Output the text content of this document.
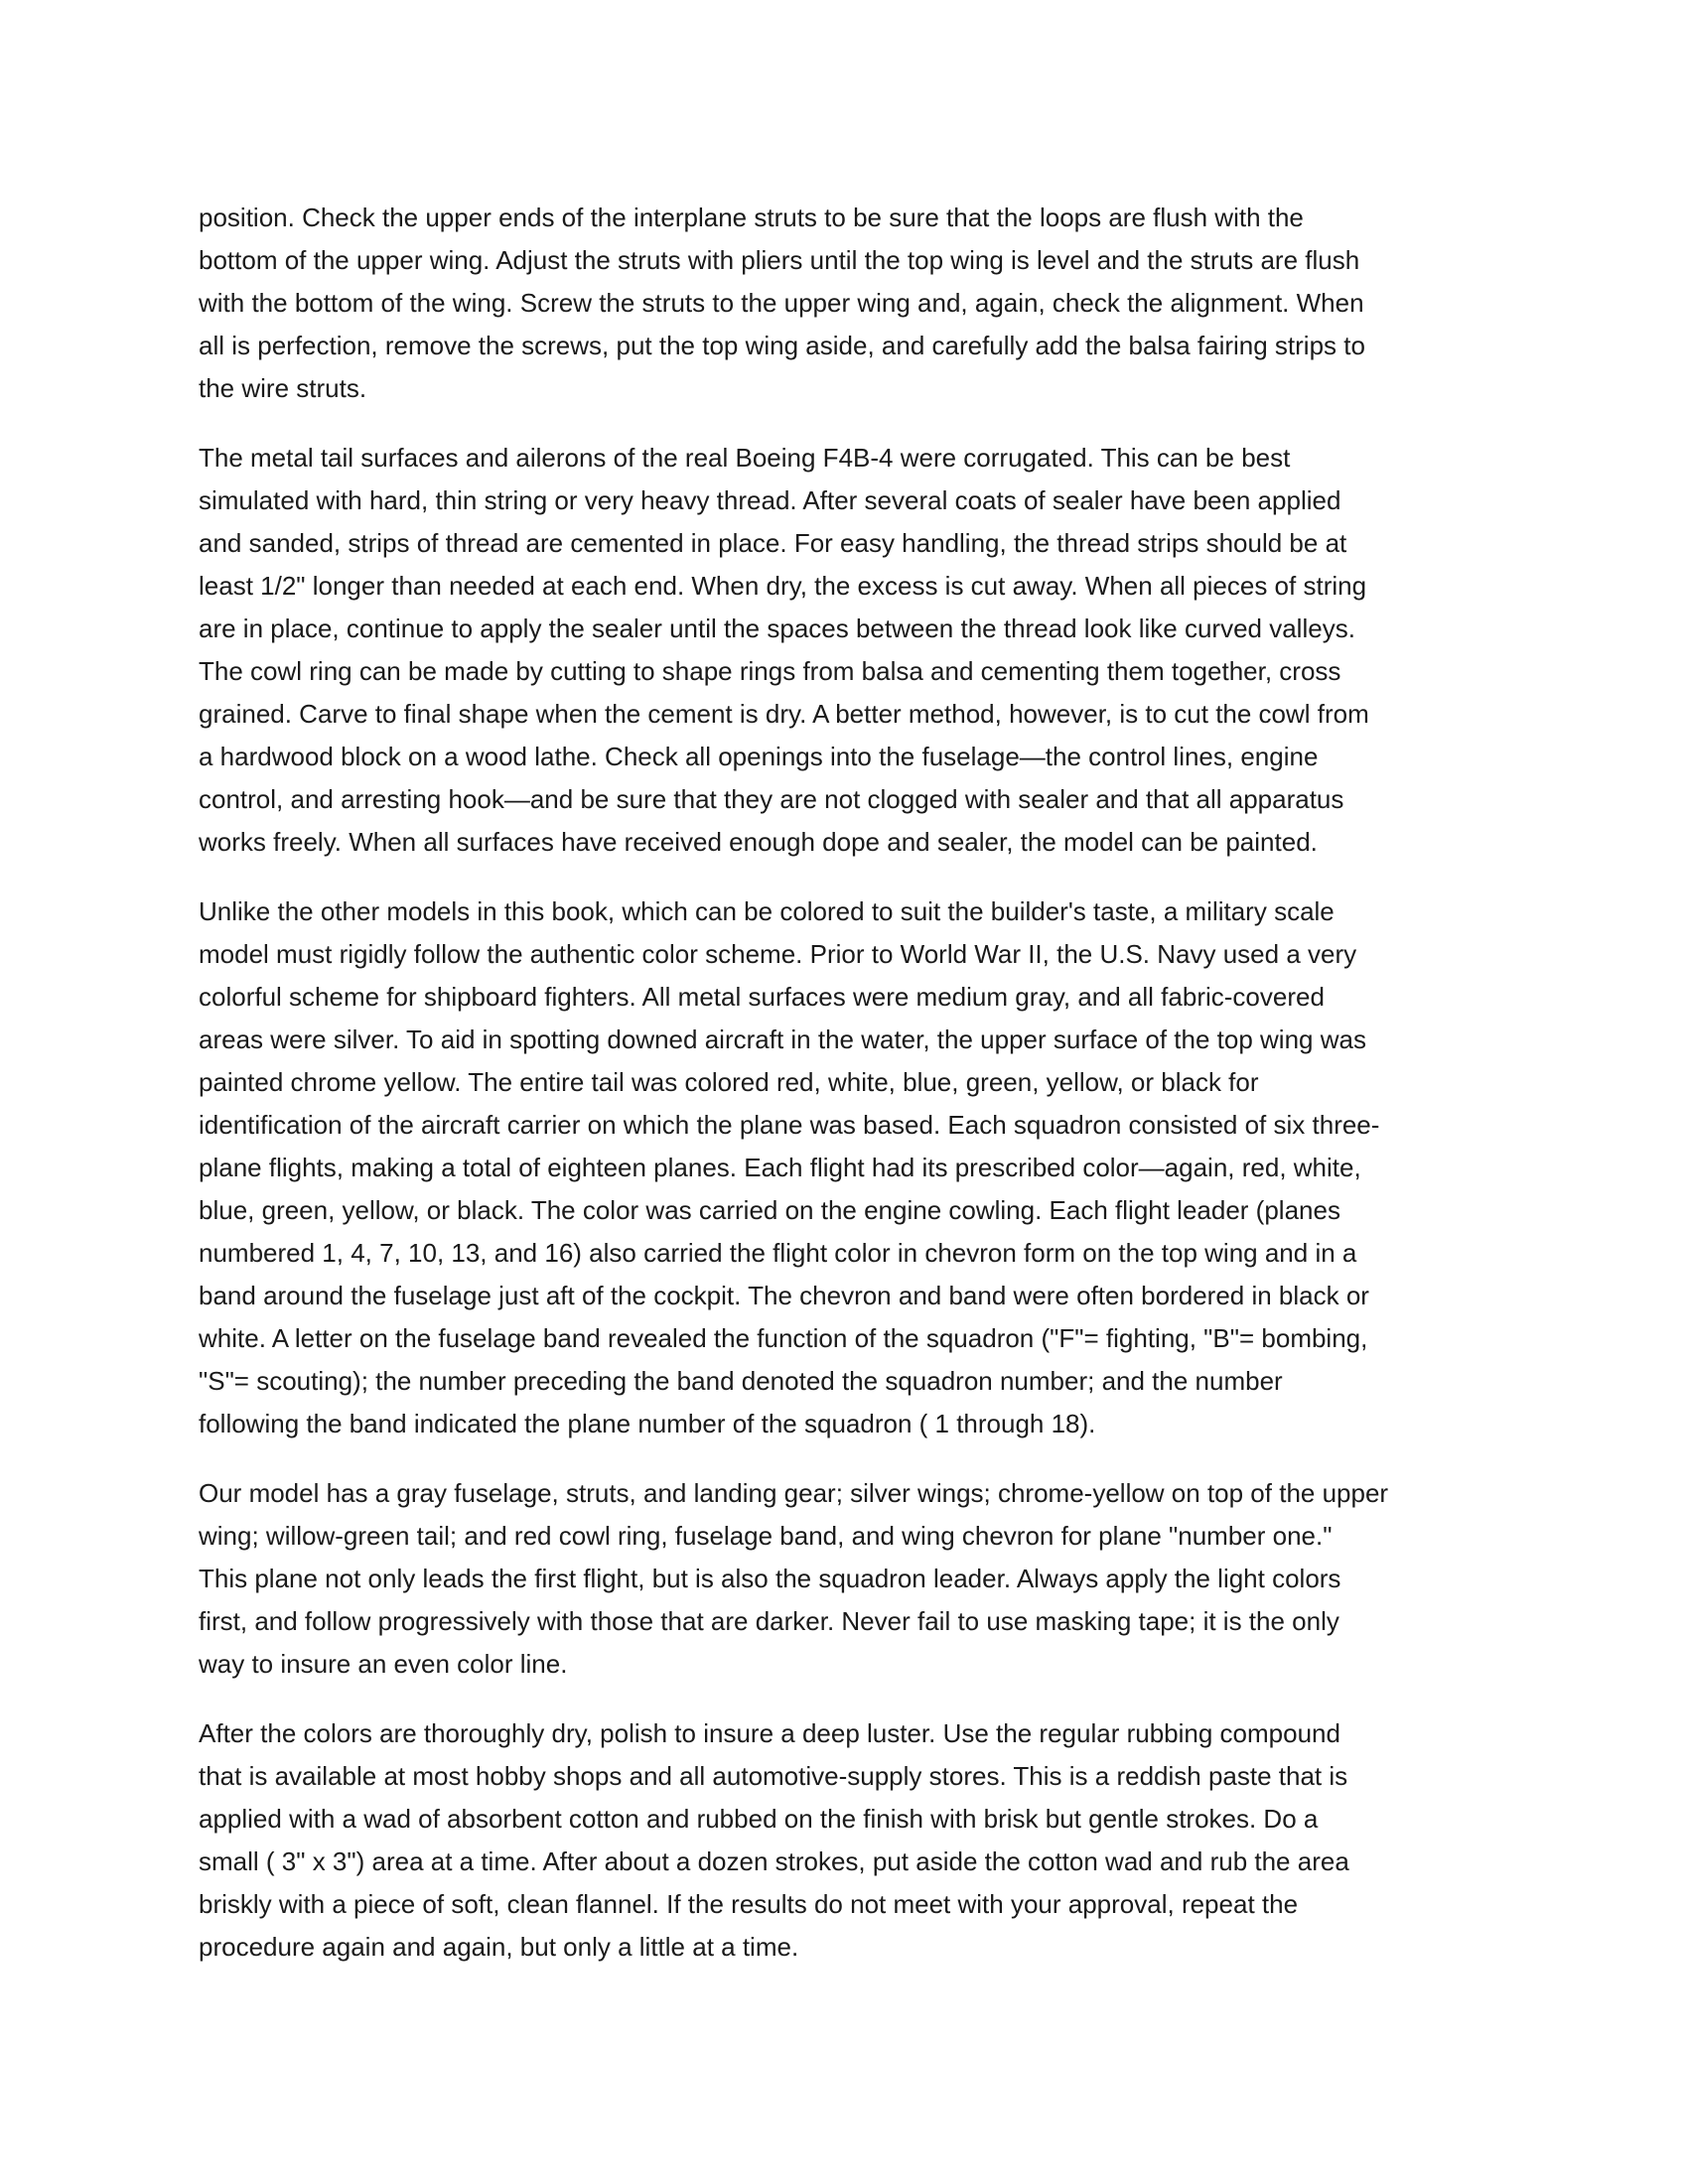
position. Check the upper ends of the interplane struts to be sure that the loops are flush with the
bottom of the upper wing. Adjust the struts with pliers until the top wing is level and the struts are flush
with the bottom of the wing. Screw the struts to the upper wing and, again, check the alignment. When
all is perfection, remove the screws, put the top wing aside, and carefully add the balsa fairing strips to
the wire struts.

The metal tail surfaces and ailerons of the real Boeing F4B-4 were corrugated. This can be best
simulated with hard, thin string or very heavy thread. After several coats of sealer have been applied
and sanded, strips of thread are cemented in place. For easy handling, the thread strips should be at
least 1/2" longer than needed at each end. When dry, the excess is cut away. When all pieces of string
are in place, continue to apply the sealer until the spaces between the thread look like curved valleys.
The cowl ring can be made by cutting to shape rings from balsa and cementing them together, cross
grained. Carve to final shape when the cement is dry. A better method, however, is to cut the cowl from
a hardwood block on a wood lathe. Check all openings into the fuselage—the control lines, engine
control, and arresting hook—and be sure that they are not clogged with sealer and that all apparatus
works freely. When all surfaces have received enough dope and sealer, the model can be painted.

Unlike the other models in this book, which can be colored to suit the builder's taste, a military scale
model must rigidly follow the authentic color scheme. Prior to World War II, the U.S. Navy used a very
colorful scheme for shipboard fighters. All metal surfaces were medium gray, and all fabric-covered
areas were silver. To aid in spotting downed aircraft in the water, the upper surface of the top wing was
painted chrome yellow. The entire tail was colored red, white, blue, green, yellow, or black for
identification of the aircraft carrier on which the plane was based. Each squadron consisted of six three-
plane flights, making a total of eighteen planes. Each flight had its prescribed color—again, red, white,
blue, green, yellow, or black. The color was carried on the engine cowling. Each flight leader (planes
numbered 1, 4, 7, 10, 13, and 16) also carried the flight color in chevron form on the top wing and in a
band around the fuselage just aft of the cockpit. The chevron and band were often bordered in black or
white. A letter on the fuselage band revealed the function of the squadron ("F"= fighting, "B"= bombing,
"S"= scouting); the number preceding the band denoted the squadron number; and the number
following the band indicated the plane number of the squadron ( 1 through 18).

Our model has a gray fuselage, struts, and landing gear; silver wings; chrome-yellow on top of the upper
wing; willow-green tail; and red cowl ring, fuselage band, and wing chevron for plane "number one."
This plane not only leads the first flight, but is also the squadron leader. Always apply the light colors
first, and follow progressively with those that are darker. Never fail to use masking tape; it is the only
way to insure an even color line.

After the colors are thoroughly dry, polish to insure a deep luster. Use the regular rubbing compound
that is available at most hobby shops and all automotive-supply stores. This is a reddish paste that is
applied with a wad of absorbent cotton and rubbed on the finish with brisk but gentle strokes. Do a
small ( 3" x 3") area at a time. After about a dozen strokes, put aside the cotton wad and rub the area
briskly with a piece of soft, clean flannel. If the results do not meet with your approval, repeat the
procedure again and again, but only a little at a time.
